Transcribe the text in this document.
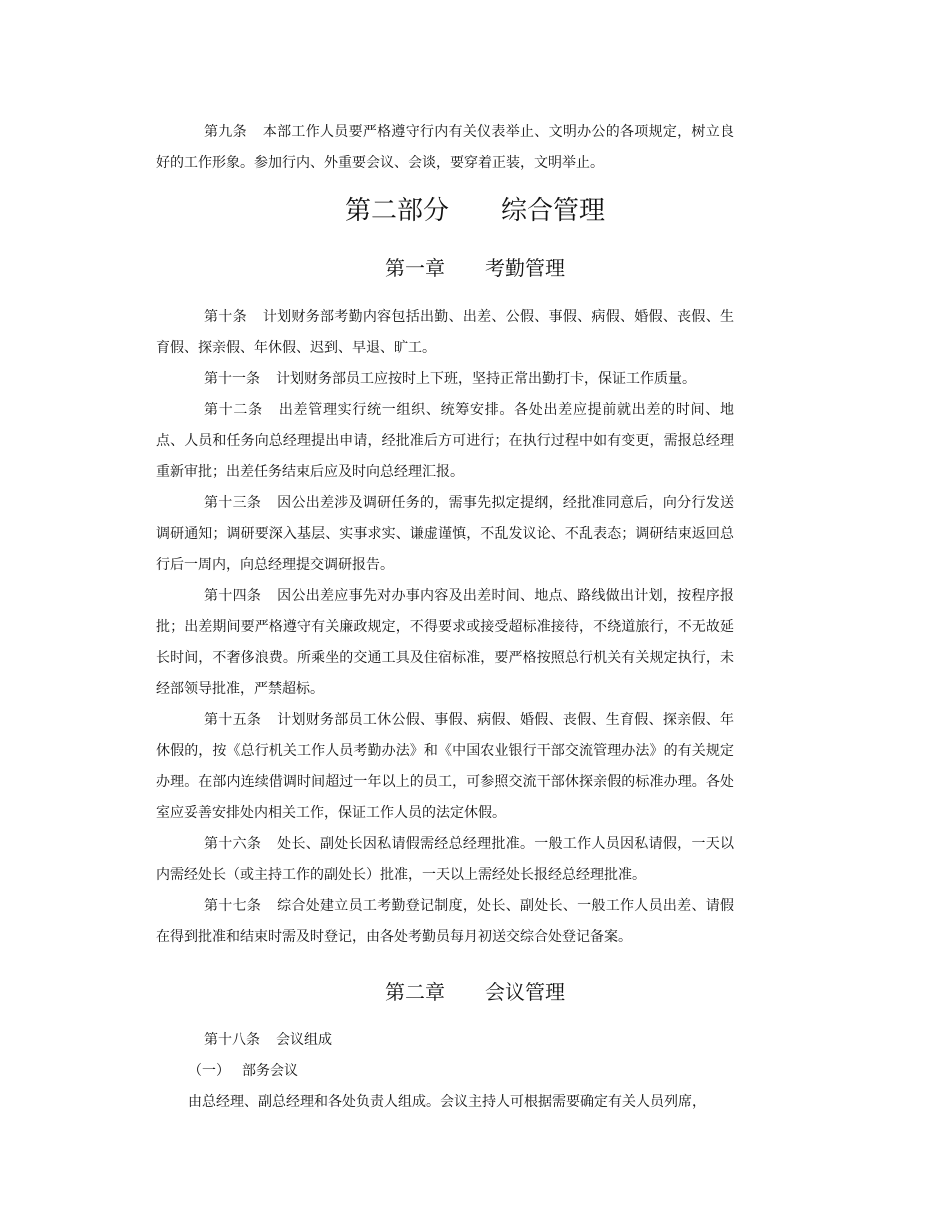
第九条 本部工作人员要严格遵守行内有关仪表举止、文明办公的各项规定，树立良好的工作形象。参加行内、外重要会议、会谈，要穿着正装，文明举止。

第二部分　　综合管理
第一章　　考勤管理

第十条 计划财务部考勤内容包括出勤、出差、公假、事假、病假、婚假、丧假、生育假、探亲假、年休假、迟到、早退、旷工。

第十一条 计划财务部员工应按时上下班，坚持正常出勤打卡，保证工作质量。

第十二条 出差管理实行统一组织、统筹安排。各处出差应提前就出差的时间、地点、人员和任务向总经理提出申请，经批准后方可进行；在执行过程中如有变更，需报总经理重新审批；出差任务结束后应及时向总经理汇报。

第十三条 因公出差涉及调研任务的，需事先拟定提纲，经批准同意后，向分行发送调研通知；调研要深入基层、实事求实、谦虚谨慎，不乱发议论、不乱表态；调研结束返回总行后一周内，向总经理提交调研报告。

第十四条 因公出差应事先对办事内容及出差时间、地点、路线做出计划，按程序报批；出差期间要严格遵守有关廉政规定，不得要求或接受超标准接待，不绕道旅行，不无故延长时间，不奢侈浪费。所乘坐的交通工具及住宿标准，要严格按照总行机关有关规定执行，未经部领导批准，严禁超标。

第十五条 计划财务部员工休公假、事假、病假、婚假、丧假、生育假、探亲假、年休假的，按《总行机关工作人员考勤办法》和《中国农业银行干部交流管理办法》的有关规定办理。在部内连续借调时间超过一年以上的员工，可参照交流干部休探亲假的标准办理。各处室应妥善安排处内相关工作，保证工作人员的法定休假。

第十六条 处长、副处长因私请假需经总经理批准。一般工作人员因私请假，一天以内需经处长（或主持工作的副处长）批准，一天以上需经处长报经总经理批准。

第十七条 综合处建立员工考勤登记制度，处长、副处长、一般工作人员出差、请假在得到批准和结束时需及时登记，由各处考勤员每月初送交综合处登记备案。

第二章　　会议管理

第十八条 会议组成

（一） 部务会议

由总经理、副总经理和各处负责人组成。会议主持人可根据需要确定有关人员列席，
